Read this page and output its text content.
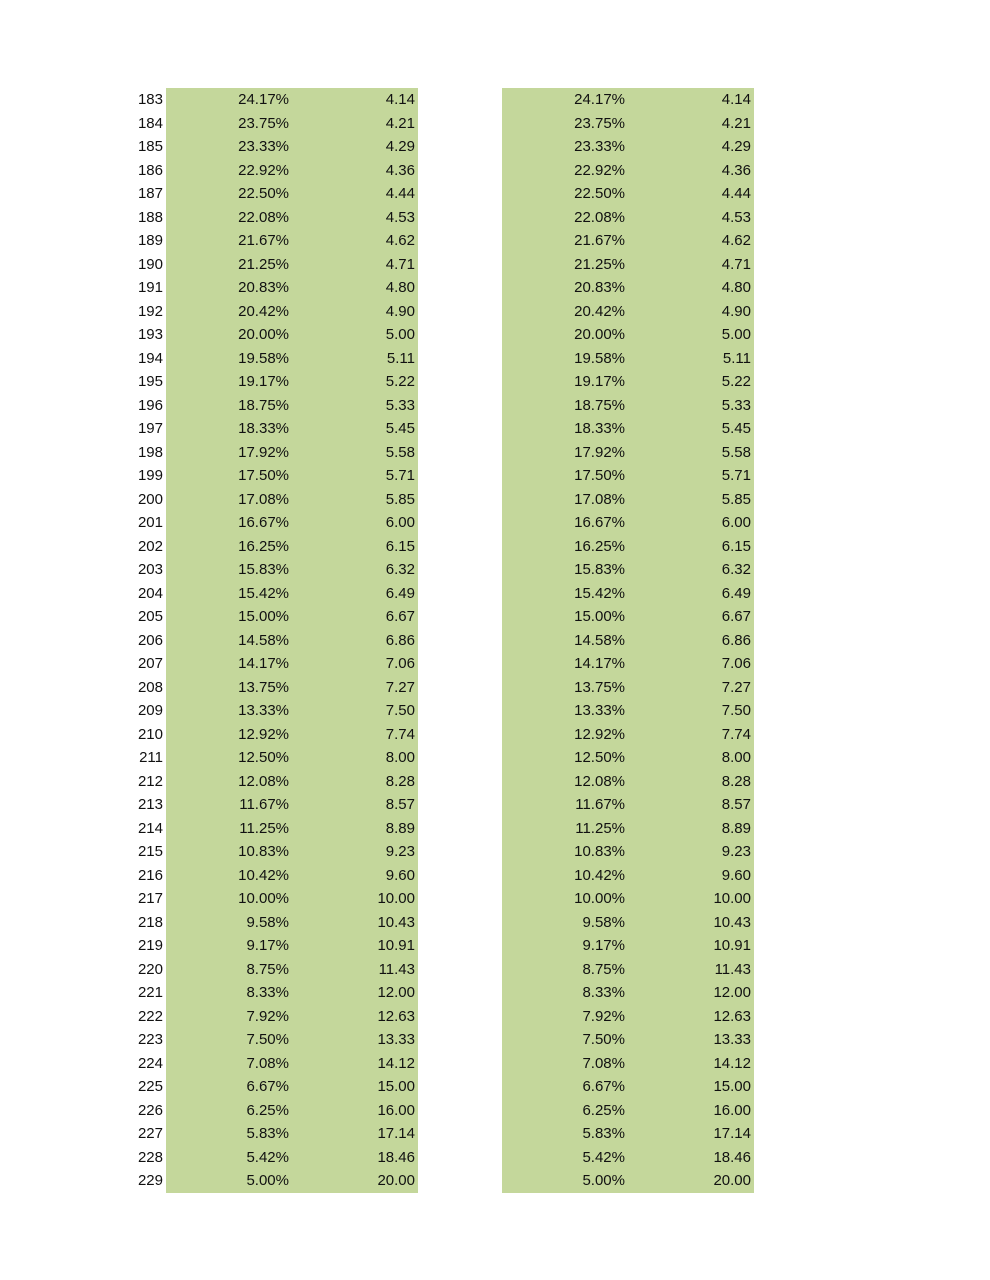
183	24.17%	4.14	24.17%	4.14
184	23.75%	4.21	23.75%	4.21
185	23.33%	4.29	23.33%	4.29
186	22.92%	4.36	22.92%	4.36
187	22.50%	4.44	22.50%	4.44
188	22.08%	4.53	22.08%	4.53
189	21.67%	4.62	21.67%	4.62
190	21.25%	4.71	21.25%	4.71
191	20.83%	4.80	20.83%	4.80
192	20.42%	4.90	20.42%	4.90
193	20.00%	5.00	20.00%	5.00
194	19.58%	5.11	19.58%	5.11
195	19.17%	5.22	19.17%	5.22
196	18.75%	5.33	18.75%	5.33
197	18.33%	5.45	18.33%	5.45
198	17.92%	5.58	17.92%	5.58
199	17.50%	5.71	17.50%	5.71
200	17.08%	5.85	17.08%	5.85
201	16.67%	6.00	16.67%	6.00
202	16.25%	6.15	16.25%	6.15
203	15.83%	6.32	15.83%	6.32
204	15.42%	6.49	15.42%	6.49
205	15.00%	6.67	15.00%	6.67
206	14.58%	6.86	14.58%	6.86
207	14.17%	7.06	14.17%	7.06
208	13.75%	7.27	13.75%	7.27
209	13.33%	7.50	13.33%	7.50
210	12.92%	7.74	12.92%	7.74
211	12.50%	8.00	12.50%	8.00
212	12.08%	8.28	12.08%	8.28
213	11.67%	8.57	11.67%	8.57
214	11.25%	8.89	11.25%	8.89
215	10.83%	9.23	10.83%	9.23
216	10.42%	9.60	10.42%	9.60
217	10.00%	10.00	10.00%	10.00
218	9.58%	10.43	9.58%	10.43
219	9.17%	10.91	9.17%	10.91
220	8.75%	11.43	8.75%	11.43
221	8.33%	12.00	8.33%	12.00
222	7.92%	12.63	7.92%	12.63
223	7.50%	13.33	7.50%	13.33
224	7.08%	14.12	7.08%	14.12
225	6.67%	15.00	6.67%	15.00
226	6.25%	16.00	6.25%	16.00
227	5.83%	17.14	5.83%	17.14
228	5.42%	18.46	5.42%	18.46
229	5.00%	20.00	5.00%	20.00
